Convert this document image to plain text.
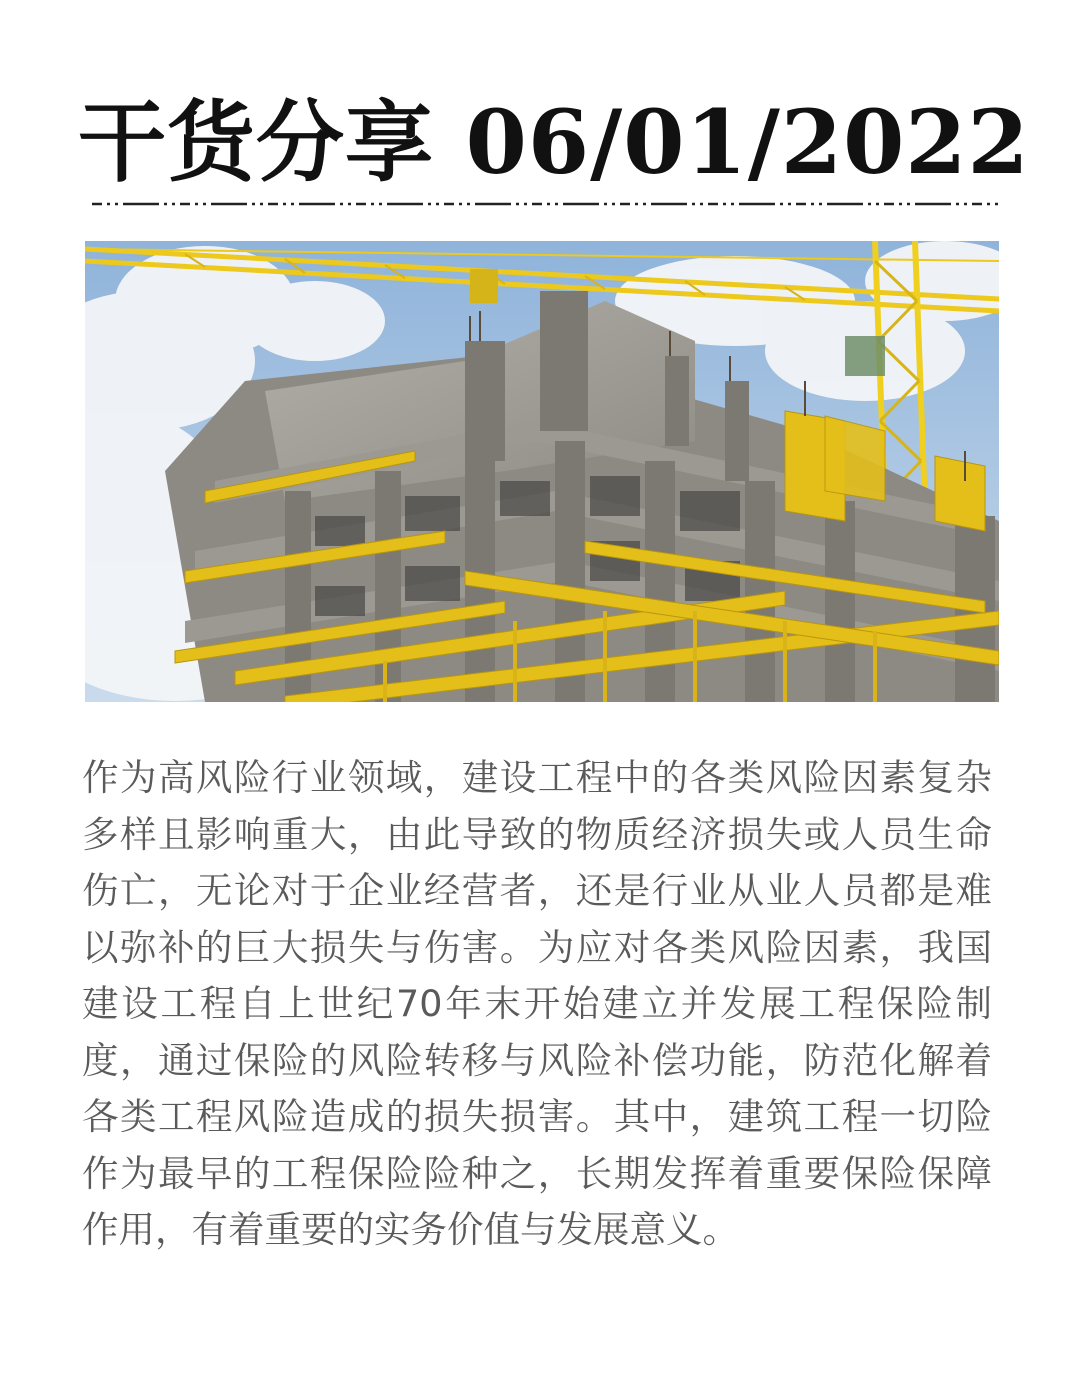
干货分享 06/01/2022

作为高风险行业领域，建设工程中的各类风险因素复杂多样且影响重大，由此导致的物质经济损失或人员生命伤亡，无论对于企业经营者，还是行业从业人员都是难以弥补的巨大损失与伤害。为应对各类风险因素，我国建设工程自上世纪70年末开始建立并发展工程保险制度，通过保险的风险转移与风险补偿功能，防范化解着各类工程风险造成的损失损害。其中，建筑工程一切险作为最早的工程保险险种之，长期发挥着重要保险保障作用，有着重要的实务价值与发展意义。
